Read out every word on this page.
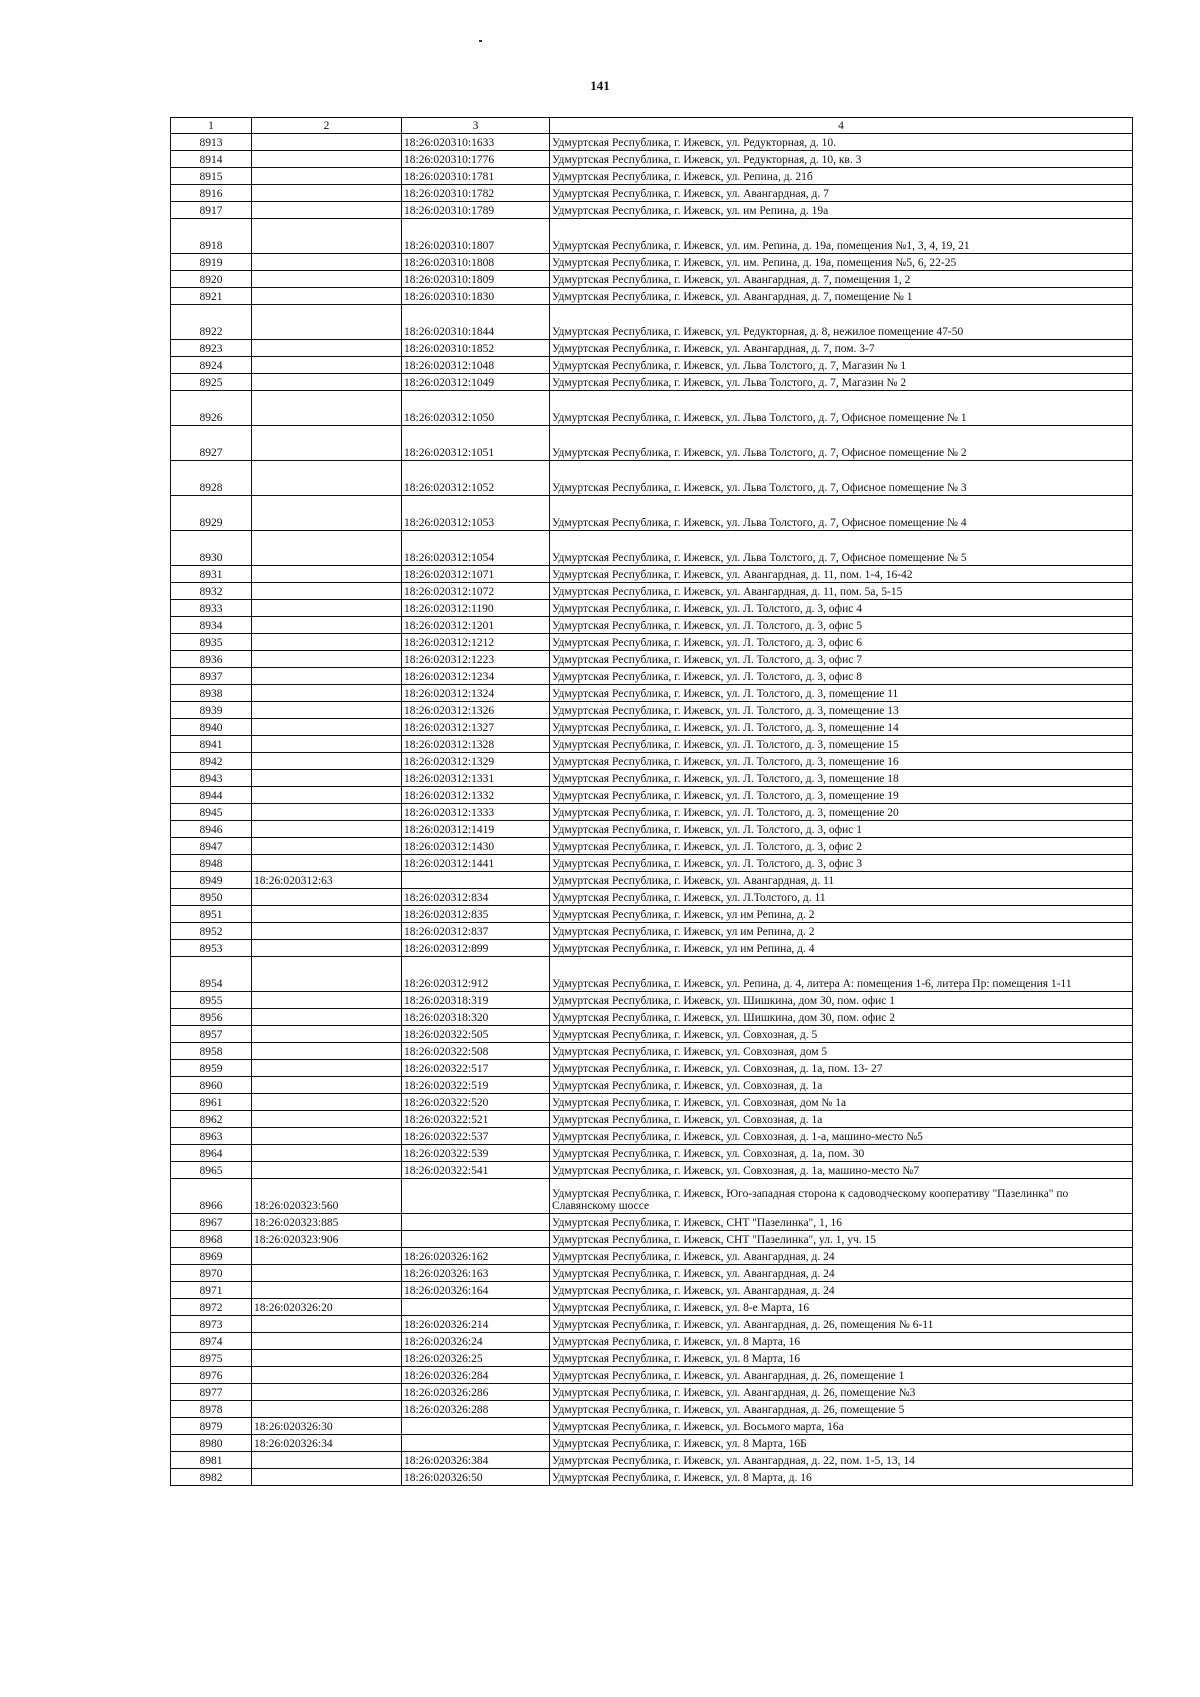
141
1	2	3	4
8913		18:26:020310:1633	Удмуртская Республика, г. Ижевск, ул. Редукторная, д. 10.
8914		18:26:020310:1776	Удмуртская Республика, г. Ижевск, ул. Редукторная, д. 10, кв. 3
8915		18:26:020310:1781	Удмуртская Республика, г. Ижевск, ул. Репина, д. 21б
8916		18:26:020310:1782	Удмуртская Республика, г. Ижевск, ул. Авангардная, д. 7
8917		18:26:020310:1789	Удмуртская Республика, г. Ижевск, ул. им Репина, д. 19а
8918		18:26:020310:1807	Удмуртская Республика, г. Ижевск, ул. им. Репина, д. 19а, помещения №1, 3, 4, 19, 21
8919		18:26:020310:1808	Удмуртская Республика, г. Ижевск, ул. им. Репина, д. 19а, помещения №5, 6, 22-25
8920		18:26:020310:1809	Удмуртская Республика, г. Ижевск, ул. Авангардная, д. 7, помещения 1, 2
8921		18:26:020310:1830	Удмуртская Республика, г. Ижевск, ул. Авангардная, д. 7, помещение № 1
8922		18:26:020310:1844	Удмуртская Республика, г. Ижевск, ул. Редукторная, д. 8, нежилое помещение 47-50
8923		18:26:020310:1852	Удмуртская Республика, г. Ижевск, ул. Авангардная, д. 7, пом. 3-7
8924		18:26:020312:1048	Удмуртская Республика, г. Ижевск, ул. Льва Толстого, д. 7, Магазин № 1
8925		18:26:020312:1049	Удмуртская Республика, г. Ижевск, ул. Льва Толстого, д. 7, Магазин № 2
8926		18:26:020312:1050	Удмуртская Республика, г. Ижевск, ул. Льва Толстого, д. 7, Офисное помещение № 1
8927		18:26:020312:1051	Удмуртская Республика, г. Ижевск, ул. Льва Толстого, д. 7, Офисное помещение № 2
8928		18:26:020312:1052	Удмуртская Республика, г. Ижевск, ул. Льва Толстого, д. 7, Офисное помещение № 3
8929		18:26:020312:1053	Удмуртская Республика, г. Ижевск, ул. Льва Толстого, д. 7, Офисное помещение № 4
8930		18:26:020312:1054	Удмуртская Республика, г. Ижевск, ул. Льва Толстого, д. 7, Офисное помещение № 5
8931		18:26:020312:1071	Удмуртская Республика, г. Ижевск, ул. Авангардная, д. 11, пом. 1-4, 16-42
8932		18:26:020312:1072	Удмуртская Республика, г. Ижевск, ул. Авангардная, д. 11, пом. 5а, 5-15
8933		18:26:020312:1190	Удмуртская Республика, г. Ижевск, ул. Л. Толстого, д. 3, офис 4
8934		18:26:020312:1201	Удмуртская Республика, г. Ижевск, ул. Л. Толстого, д. 3, офис 5
8935		18:26:020312:1212	Удмуртская Республика, г. Ижевск, ул. Л. Толстого, д. 3, офис 6
8936		18:26:020312:1223	Удмуртская Республика, г. Ижевск, ул. Л. Толстого, д. 3, офис 7
8937		18:26:020312:1234	Удмуртская Республика, г. Ижевск, ул. Л. Толстого, д. 3, офис 8
8938		18:26:020312:1324	Удмуртская Республика, г. Ижевск, ул. Л. Толстого, д. 3, помещение 11
8939		18:26:020312:1326	Удмуртская Республика, г. Ижевск, ул. Л. Толстого, д. 3, помещение 13
8940		18:26:020312:1327	Удмуртская Республика, г. Ижевск, ул. Л. Толстого, д. 3, помещение 14
8941		18:26:020312:1328	Удмуртская Республика, г. Ижевск, ул. Л. Толстого, д. 3, помещение 15
8942		18:26:020312:1329	Удмуртская Республика, г. Ижевск, ул. Л. Толстого, д. 3, помещение 16
8943		18:26:020312:1331	Удмуртская Республика, г. Ижевск, ул. Л. Толстого, д. 3, помещение 18
8944		18:26:020312:1332	Удмуртская Республика, г. Ижевск, ул. Л. Толстого, д. 3, помещение 19
8945		18:26:020312:1333	Удмуртская Республика, г. Ижевск, ул. Л. Толстого, д. 3, помещение 20
8946		18:26:020312:1419	Удмуртская Республика, г. Ижевск, ул. Л. Толстого, д. 3, офис 1
8947		18:26:020312:1430	Удмуртская Республика, г. Ижевск, ул. Л. Толстого, д. 3, офис 2
8948		18:26:020312:1441	Удмуртская Республика, г. Ижевск, ул. Л. Толстого, д. 3, офис 3
8949	18:26:020312:63		Удмуртская Республика, г. Ижевск, ул. Авангардная, д. 11
8950		18:26:020312:834	Удмуртская Республика, г. Ижевск, ул. Л.Толстого, д. 11
8951		18:26:020312:835	Удмуртская Республика, г. Ижевск, ул им Репина, д. 2
8952		18:26:020312:837	Удмуртская Республика, г. Ижевск, ул им Репина, д. 2
8953		18:26:020312:899	Удмуртская Республика, г. Ижевск, ул им Репина, д. 4
8954		18:26:020312:912	Удмуртская Республика, г. Ижевск, ул. Репина, д. 4, литера А: помещения 1-6, литера Пр: помещения 1-11
8955		18:26:020318:319	Удмуртская Республика, г. Ижевск, ул. Шишкина, дом 30, пом. офис 1
8956		18:26:020318:320	Удмуртская Республика, г. Ижевск, ул. Шишкина, дом 30, пом. офис 2
8957		18:26:020322:505	Удмуртская Республика, г. Ижевск, ул. Совхозная, д. 5
8958		18:26:020322:508	Удмуртская Республика, г. Ижевск, ул. Совхозная, дом 5
8959		18:26:020322:517	Удмуртская Республика, г. Ижевск, ул. Совхозная, д. 1а, пом. 13- 27
8960		18:26:020322:519	Удмуртская Республика, г. Ижевск, ул. Совхозная, д. 1а
8961		18:26:020322:520	Удмуртская Республика, г. Ижевск, ул. Совхозная, дом № 1а
8962		18:26:020322:521	Удмуртская Республика, г. Ижевск, ул. Совхозная, д. 1а
8963		18:26:020322:537	Удмуртская Республика, г. Ижевск, ул. Совхозная, д. 1-а, машино-место №5
8964		18:26:020322:539	Удмуртская Республика, г. Ижевск, ул. Совхозная, д. 1а, пом. 30
8965		18:26:020322:541	Удмуртская Республика, г. Ижевск, ул. Совхозная, д. 1а, машино-место №7
8966	18:26:020323:560		Удмуртская Республика, г. Ижевск, Юго-западная сторона к садоводческому кооперативу "Пазелинка" по Славянскому шоссе
8967	18:26:020323:885		Удмуртская Республика, г. Ижевск, СНТ "Пазелинка", 1, 16
8968	18:26:020323:906		Удмуртская Республика, г. Ижевск, СНТ "Пазелинка", ул. 1, уч. 15
8969		18:26:020326:162	Удмуртская Республика, г. Ижевск, ул. Авангардная, д. 24
8970		18:26:020326:163	Удмуртская Республика, г. Ижевск, ул. Авангардная, д. 24
8971		18:26:020326:164	Удмуртская Республика, г. Ижевск, ул. Авангардная, д. 24
8972	18:26:020326:20		Удмуртская Республика, г. Ижевск, ул. 8-е Марта, 16
8973		18:26:020326:214	Удмуртская Республика, г. Ижевск, ул. Авангардная, д. 26, помещения № 6-11
8974		18:26:020326:24	Удмуртская Республика, г. Ижевск, ул. 8 Марта, 16
8975		18:26:020326:25	Удмуртская Республика, г. Ижевск, ул. 8 Марта, 16
8976		18:26:020326:284	Удмуртская Республика, г. Ижевск, ул. Авангардная, д. 26, помещение 1
8977		18:26:020326:286	Удмуртская Республика, г. Ижевск, ул. Авангардная, д. 26, помещение №3
8978		18:26:020326:288	Удмуртская Республика, г. Ижевск, ул. Авангардная, д. 26, помещение 5
8979	18:26:020326:30		Удмуртская Республика, г. Ижевск, ул. Восьмого марта, 16а
8980	18:26:020326:34		Удмуртская Республика, г. Ижевск, ул. 8 Марта, 16Б
8981		18:26:020326:384	Удмуртская Республика, г. Ижевск, ул. Авангардная, д. 22, пом. 1-5, 13, 14
8982		18:26:020326:50	Удмуртская Республика, г. Ижевск, ул. 8 Марта, д. 16
